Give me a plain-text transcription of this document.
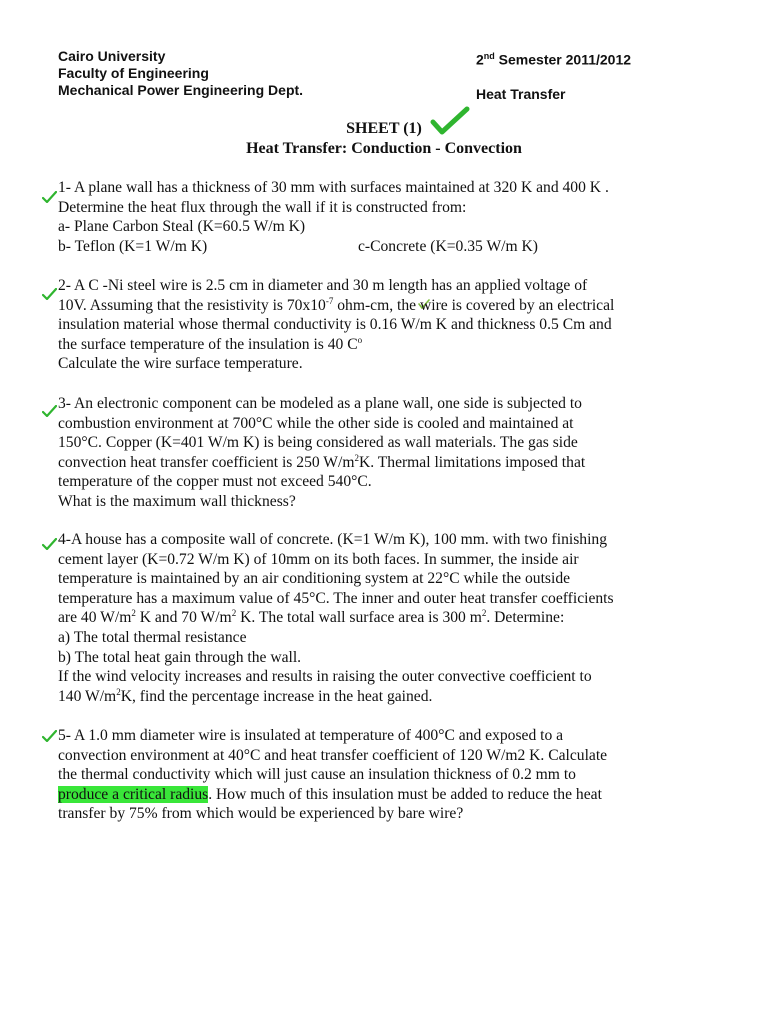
Cairo University
Faculty of Engineering
Mechanical Power Engineering Dept.
2nd Semester 2011/2012
Heat Transfer
SHEET (1)
Heat Transfer: Conduction - Convection
1- A plane wall has a thickness of 30 mm with surfaces maintained at 320 K and 400 K .
Determine the heat flux through the wall if it is constructed from:
a- Plane Carbon Steal (K=60.5 W/m K)
b- Teflon (K=1 W/m K)	c-Concrete (K=0.35 W/m K)
2- A C -Ni steel wire is 2.5 cm in diameter and 30 m length has an applied voltage of
10V. Assuming that the resistivity is $70x10^{-7}$ ohm-cm, the wire is covered by an electrical
insulation material whose thermal conductivity is 0.16 W/m K and thickness 0.5 Cm and
the surface temperature of the insulation is 40 $C^o$
Calculate the wire surface temperature.
3- An electronic component can be modeled as a plane wall, one side is subjected to
combustion environment at 700°C while the other side is cooled and maintained at
150°C. Copper (K=401 W/m K) is being considered as wall materials. The gas side
convection heat transfer coefficient is 250 $W/m^2K$. Thermal limitations imposed that
temperature of the copper must not exceed 540°C.
What is the maximum wall thickness?
4-A house has a composite wall of concrete. (K=1 W/m K), 100 mm. with two finishing
cement layer (K=0.72 W/m K) of 10mm on its both faces. In summer, the inside air
temperature is maintained by an air conditioning system at 22°C while the outside
temperature has a maximum value of 45°C. The inner and outer heat transfer coefficients
are 40 $W/m^2$ K and 70 $W/m^2$ K. The total wall surface area is 300 $m^2$. Determine:
a) The total thermal resistance
b) The total heat gain through the wall.
If the wind velocity increases and results in raising the outer convective coefficient to
140 $W/m^2K$, find the percentage increase in the heat gained.
5- A 1.0 mm diameter wire is insulated at temperature of 400°C and exposed to a
convection environment at 40°C and heat transfer coefficient of 120 W/m2 K. Calculate
the thermal conductivity which will just cause an insulation thickness of 0.2 mm to
produce a critical radius. How much of this insulation must be added to reduce the heat
transfer by 75% from which would be experienced by bare wire?
